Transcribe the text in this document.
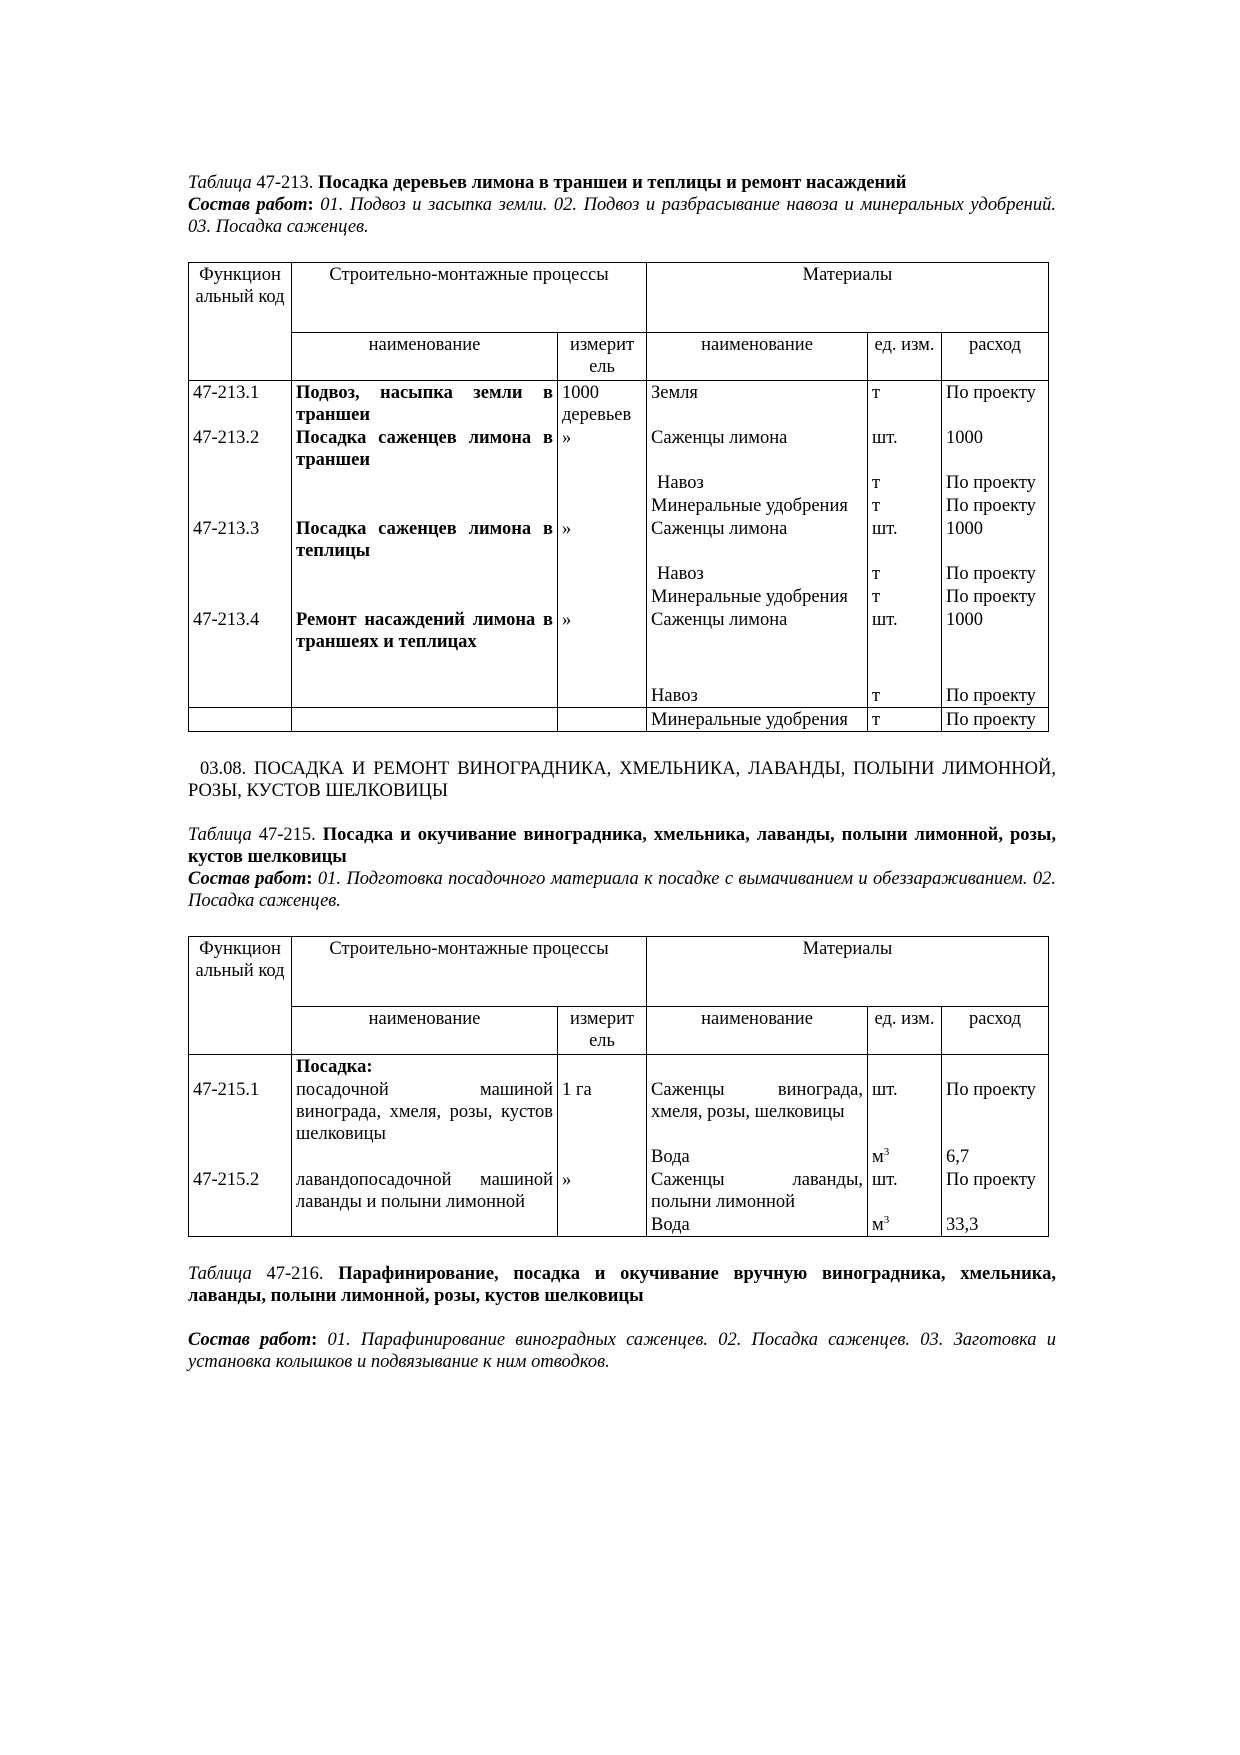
Таблица 47-213. Посадка деревьев лимона в траншеи и теплицы и ремонт насаждений

Состав работ: 01. Подвоз и засыпка земли. 02. Подвоз и разбрасывание навоза и минеральных удобрений. 03. Посадка саженцев.

Функцион альный код	Строительно-монтажные процессы		Материалы		
	наименование	измерит ель	наименование	ед. изм.	расход
47-213.1	Подвоз, насыпка земли в траншеи	1000 деревьев	Земля	т	По проекту
47-213.2	Посадка саженцев лимона в траншеи	»	Саженцы лимона	шт.	1000
			Навоз	т	По проекту
			Минеральные удобрения	т	По проекту
47-213.3	Посадка саженцев лимона в теплицы	»	Саженцы лимона	шт.	1000
			Навоз	т	По проекту
			Минеральные удобрения	т	По проекту
47-213.4	Ремонт насаждений лимона в траншеях и теплицах	»	Саженцы лимона	шт.	1000
			Навоз	т	По проекту
			Минеральные удобрения	т	По проекту

03.08. ПОСАДКА И РЕМОНТ ВИНОГРАДНИКА, ХМЕЛЬНИКА, ЛАВАНДЫ, ПОЛЫНИ ЛИМОННОЙ, РОЗЫ, КУСТОВ ШЕЛКОВИЦЫ

Таблица 47-215. Посадка и окучивание виноградника, хмельника, лаванды, полыни лимонной, розы, кустов шелковицы

Состав работ: 01. Подготовка посадочного материала к посадке с вымачиванием и обеззараживанием. 02. Посадка саженцев.

Функцион альный код	Строительно-монтажные процессы		Материалы		
	наименование	измерит ель	наименование	ед. изм.	расход
	Посадка:				
47-215.1	посадочной машиной винограда, хмеля, розы, кустов шелковицы	1 га	Саженцы винограда, хмеля, розы, шелковицы	шт.	По проекту
			Вода	$м^3$	6,7
47-215.2	лавандопосадочной машиной лаванды и полыни лимонной	»	Саженцы лаванды, полыни лимонной	шт.	По проекту
			Вода	$м^3$	33,3

Таблица 47-216. Парафинирование, посадка и окучивание вручную виноградника, хмельника, лаванды, полыни лимонной, розы, кустов шелковицы

Состав работ: 01. Парафинирование виноградных саженцев. 02. Посадка саженцев. 03. Заготовка и установка колышков и подвязывание к ним отводков.
